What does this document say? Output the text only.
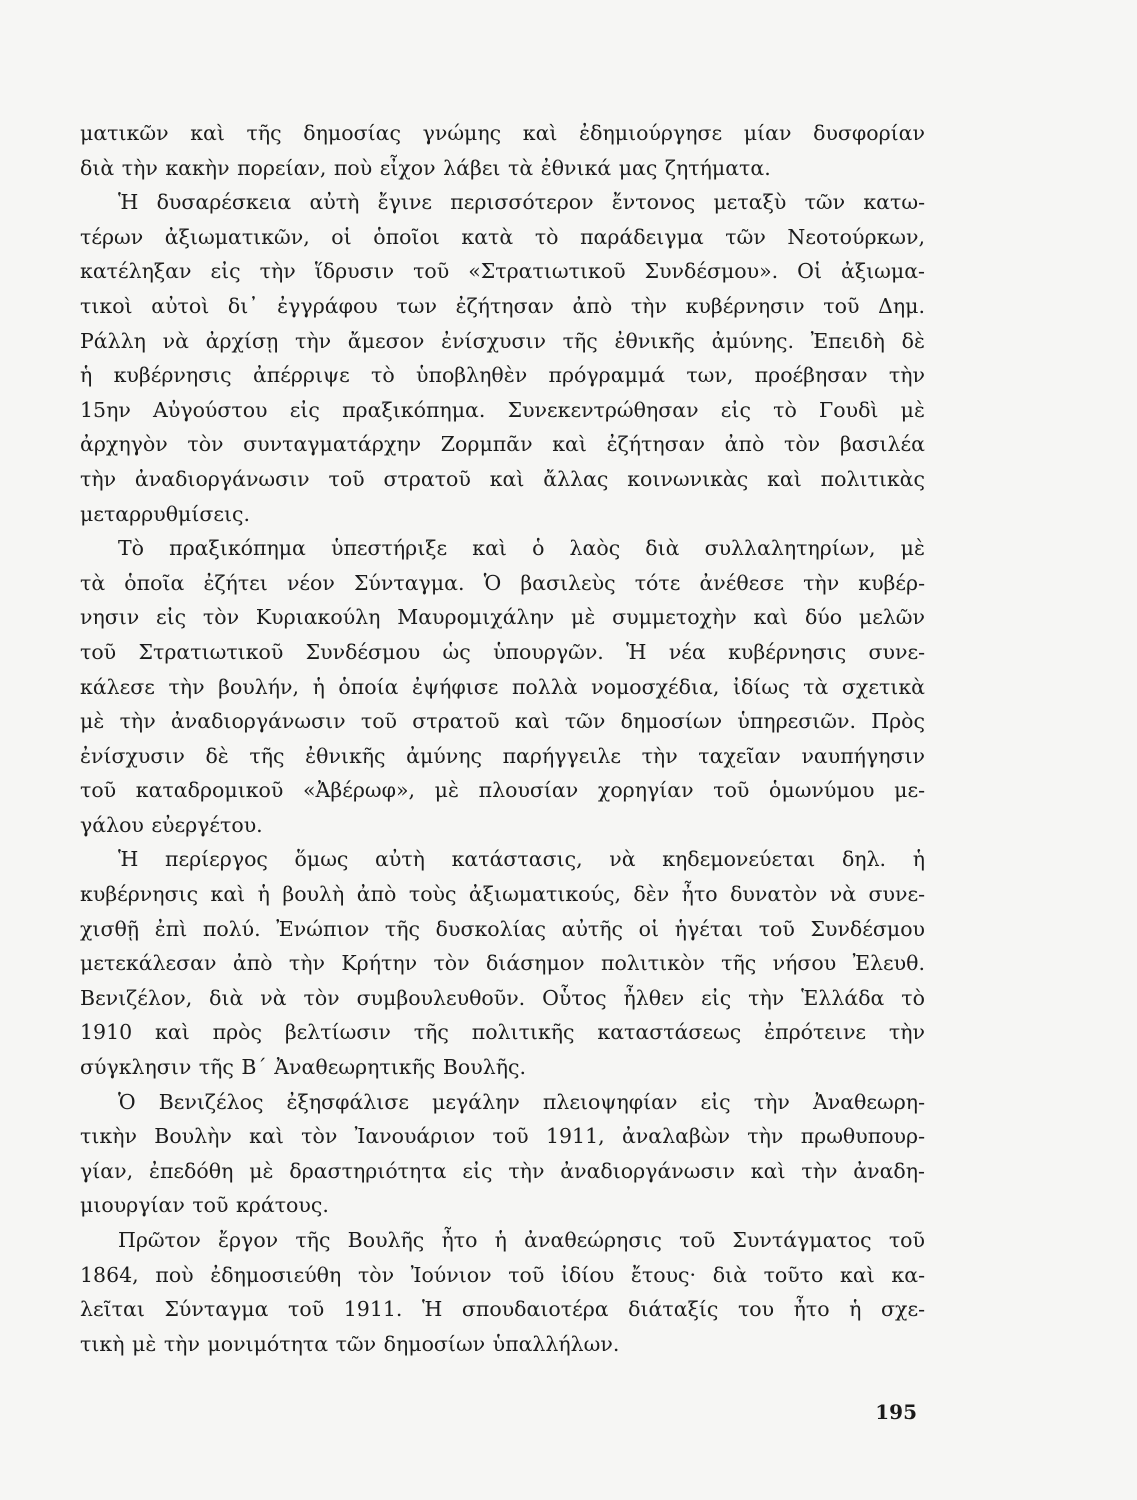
ματικῶν καὶ τῆς δημοσίας γνώμης καὶ ἐδημιούργησε μίαν δυσφορίαν
διὰ τὴν κακὴν πορείαν, ποὺ εἶχον λάβει τὰ ἐθνικά μας ζητήματα.

Ἡ δυσαρέσκεια αὐτὴ ἔγινε περισσότερον ἔντονος μεταξὺ τῶν κατω-
τέρων ἀξιωματικῶν, οἱ ὁποῖοι κατὰ τὸ παράδειγμα τῶν Νεοτούρκων,
κατέληξαν εἰς τὴν ἵδρυσιν τοῦ «Στρατιωτικοῦ Συνδέσμου». Οἱ ἀξιωμα-
τικοὶ αὐτοὶ δι᾿ ἐγγράφου των ἐζήτησαν ἀπὸ τὴν κυβέρνησιν τοῦ Δημ.
Ράλλη νὰ ἀρχίσῃ τὴν ἄμεσον ἐνίσχυσιν τῆς ἐθνικῆς ἀμύνης. Ἐπειδὴ δὲ
ἡ κυβέρνησις ἀπέρριψε τὸ ὑποβληθὲν πρόγραμμά των, προέβησαν τὴν
15ην Αὐγούστου εἰς πραξικόπημα. Συνεκεντρώθησαν εἰς τὸ Γουδὶ μὲ
ἀρχηγὸν τὸν συνταγματάρχην Ζορμπᾶν καὶ ἐζήτησαν ἀπὸ τὸν βασιλέα
τὴν ἀναδιοργάνωσιν τοῦ στρατοῦ καὶ ἄλλας κοινωνικὰς καὶ πολιτικὰς
μεταρρυθμίσεις.

Τὸ πραξικόπημα ὑπεστήριξε καὶ ὁ λαὸς διὰ συλλαλητηρίων, μὲ
τὰ ὁποῖα ἐζήτει νέον Σύνταγμα. Ὁ βασιλεὺς τότε ἀνέθεσε τὴν κυβέρ-
νησιν εἰς τὸν Κυριακούλη Μαυρομιχάλην μὲ συμμετοχὴν καὶ δύο μελῶν
τοῦ Στρατιωτικοῦ Συνδέσμου ὡς ὑπουργῶν. Ἡ νέα κυβέρνησις συνε-
κάλεσε τὴν βουλήν, ἡ ὁποία ἐψήφισε πολλὰ νομοσχέδια, ἰδίως τὰ σχετικὰ
μὲ τὴν ἀναδιοργάνωσιν τοῦ στρατοῦ καὶ τῶν δημοσίων ὑπηρεσιῶν. Πρὸς
ἐνίσχυσιν δὲ τῆς ἐθνικῆς ἀμύνης παρήγγειλε τὴν ταχεῖαν ναυπήγησιν
τοῦ καταδρομικοῦ «Ἀβέρωφ», μὲ πλουσίαν χορηγίαν τοῦ ὁμωνύμου με-
γάλου εὐεργέτου.

Ἡ περίεργος ὅμως αὐτὴ κατάστασις, νὰ κηδεμονεύεται δηλ. ἡ
κυβέρνησις καὶ ἡ βουλὴ ἀπὸ τοὺς ἀξιωματικούς, δὲν ἦτο δυνατὸν νὰ συνε-
χισθῇ ἐπὶ πολύ. Ἐνώπιον τῆς δυσκολίας αὐτῆς οἱ ἡγέται τοῦ Συνδέσμου
μετεκάλεσαν ἀπὸ τὴν Κρήτην τὸν διάσημον πολιτικὸν τῆς νήσου Ἐλευθ.
Βενιζέλον, διὰ νὰ τὸν συμβουλευθοῦν. Οὗτος ἦλθεν εἰς τὴν Ἑλλάδα τὸ
1910 καὶ πρὸς βελτίωσιν τῆς πολιτικῆς καταστάσεως ἐπρότεινε τὴν
σύγκλησιν τῆς Β΄ Ἀναθεωρητικῆς Βουλῆς.

Ὁ Βενιζέλος ἐξησφάλισε μεγάλην πλειοψηφίαν εἰς τὴν Ἀναθεωρη-
τικὴν Βουλὴν καὶ τὸν Ἰανουάριον τοῦ 1911, ἀναλαβὼν τὴν πρωθυπουρ-
γίαν, ἐπεδόθη μὲ δραστηριότητα εἰς τὴν ἀναδιοργάνωσιν καὶ τὴν ἀναδη-
μιουργίαν τοῦ κράτους.

Πρῶτον ἔργον τῆς Βουλῆς ἦτο ἡ ἀναθεώρησις τοῦ Συντάγματος τοῦ
1864, ποὺ ἐδημοσιεύθη τὸν Ἰούνιον τοῦ ἰδίου ἔτους· διὰ τοῦτο καὶ κα-
λεῖται Σύνταγμα τοῦ 1911. Ἡ σπουδαιοτέρα διάταξίς του ἦτο ἡ σχε-
τικὴ μὲ τὴν μονιμότητα τῶν δημοσίων ὑπαλλήλων.

195
